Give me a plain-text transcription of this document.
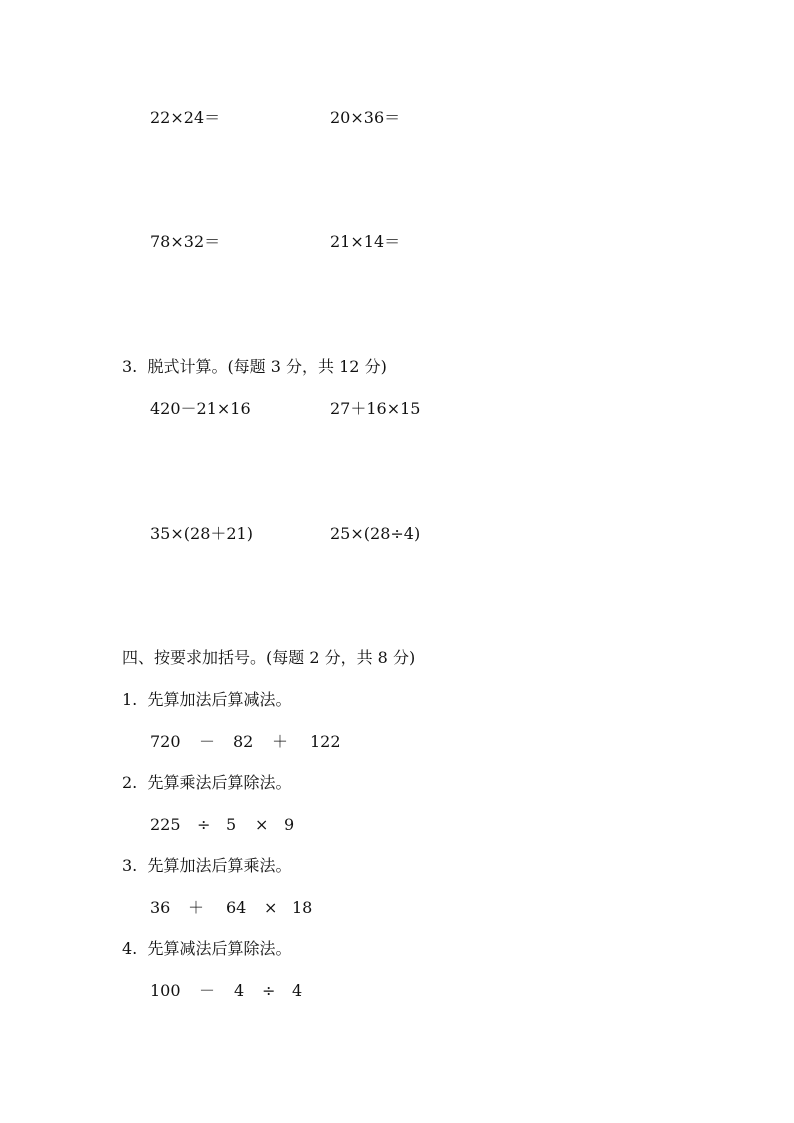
22×24＝	20×36＝
78×32＝	21×14＝
3.  脱式计算。(每题 3 分，共 12 分)
420－21×16	27＋16×15
35×(28＋21)	25×(28÷4)
四、按要求加括号。(每题 2 分，共 8 分)
1.  先算加法后算减法。

720

－

82

＋

122

2.  先算乘法后算除法。

225

÷

5

×

9

3.  先算加法后算乘法。

36

＋

64

×

18

4.  先算减法后算除法。

100

－

4

÷

4
